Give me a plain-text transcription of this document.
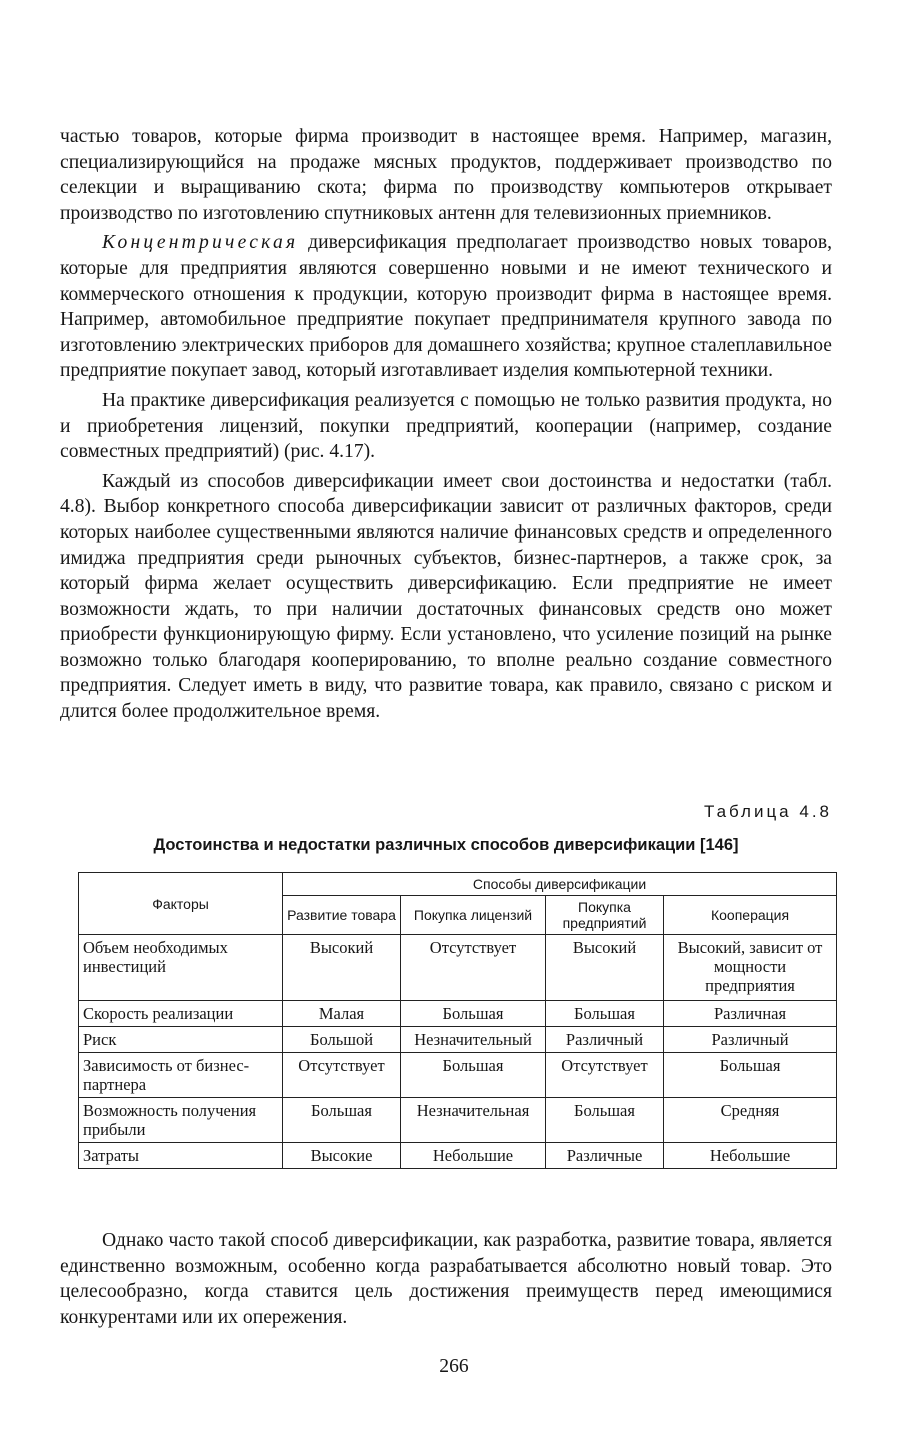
частью товаров, которые фирма производит в настоящее время. Например, магазин, специализирующийся на продаже мясных продуктов, поддерживает производство по селекции и выращиванию скота; фирма по производству компьютеров открывает производство по изготовлению спутниковых антенн для телевизионных приемников.

Концентрическая диверсификация предполагает производство новых товаров, которые для предприятия являются совершенно новыми и не имеют технического и коммерческого отношения к продукции, которую производит фирма в настоящее время. Например, автомобильное предприятие покупает предпринимателя крупного завода по изготовлению электрических приборов для домашнего хозяйства; крупное сталеплавильное предприятие покупает завод, который изготавливает изделия компьютерной техники.

На практике диверсификация реализуется с помощью не только развития продукта, но и приобретения лицензий, покупки предприятий, кооперации (например, создание совместных предприятий) (рис. 4.17).

Каждый из способов диверсификации имеет свои достоинства и недостатки (табл. 4.8). Выбор конкретного способа диверсификации зависит от различных факторов, среди которых наиболее существенными являются наличие финансовых средств и определенного имиджа предприятия среди рыночных субъектов, бизнес-партнеров, а также срок, за который фирма желает осуществить диверсификацию. Если предприятие не имеет возможности ждать, то при наличии достаточных финансовых средств оно может приобрести функционирующую фирму. Если установлено, что усиление позиций на рынке возможно только благодаря кооперированию, то вполне реально создание совместного предприятия. Следует иметь в виду, что развитие товара, как правило, связано с риском и длится более продолжительное время.

Таблица 4.8
Достоинства и недостатки различных способов диверсификации [146]
Факторы	Способы диверсификации			
	Развитие товара	Покупка лицензий	Покупка предприятий	Кооперация
Объем необходимых инвестиций	Высокий	Отсутствует	Высокий	Высокий, зависит от мощности предприятия
Скорость реализации	Малая	Большая	Большая	Различная
Риск	Большой	Незначительный	Различный	Различный
Зависимость от бизнес-партнера	Отсутствует	Большая	Отсутствует	Большая
Возможность получения прибыли	Большая	Незначительная	Большая	Средняя
Затраты	Высокие	Небольшие	Различные	Небольшие

Однако часто такой способ диверсификации, как разработка, развитие товара, является единственно возможным, особенно когда разрабатывается абсолютно новый товар. Это целесообразно, когда ставится цель достижения преимуществ перед имеющимися конкурентами или их опережения.

266
